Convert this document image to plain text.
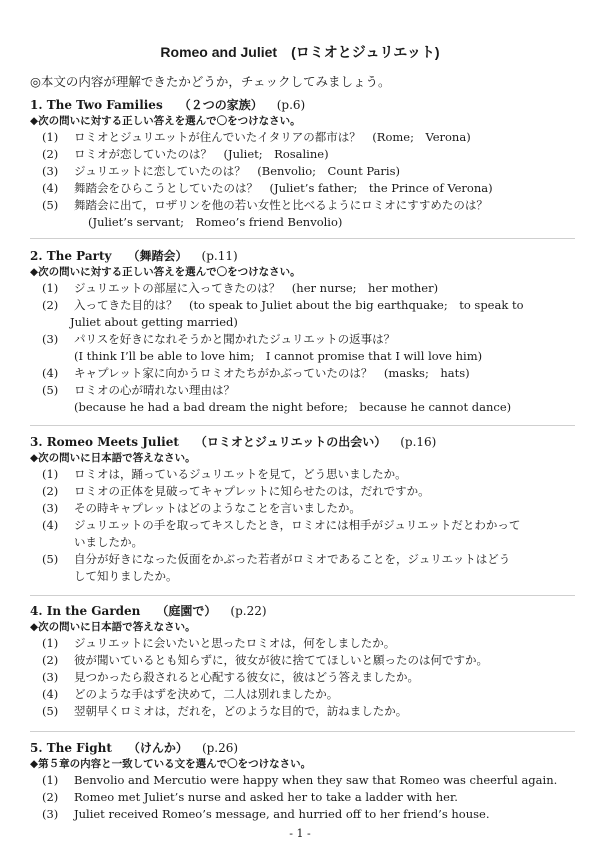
Romeo and Juliet　(ロミオとジュリエット)
◎本文の内容が理解できたかどうか，チェックしてみましょう。
1. The Two Families （２つの家族） (p.6)
◆次の問いに対する正しい答えを選んで〇をつけなさい。
(1) ロミオとジュリエットが住んでいたイタリアの都市は？　(Rome;　Verona)
(2) ロミオが恋していたのは？　(Juliet;　Rosaline)
(3) ジュリエットに恋していたのは？　(Benvolio;　Count Paris)
(4) 舞踏会をひらこうとしていたのは？　(Juliet’s father;　the Prince of Verona)
(5) 舞踏会に出て，ロザリンを他の若い女性と比べるようにロミオにすすめたのは？
(Juliet’s servant;　Romeo’s friend Benvolio)
2. The Party （舞踏会） (p.11)
◆次の問いに対する正しい答えを選んで〇をつけなさい。
(1) ジュリエットの部屋に入ってきたのは？　(her nurse;　her mother)
(2) 入ってきた目的は？　(to speak to Juliet about the big earthquake;　to speak to
Juliet about getting married)
(3) パリスを好きになれそうかと聞かれたジュリエットの返事は？
(I think I’ll be able to love him;　I cannot promise that I will love him)
(4) キャプレット家に向かうロミオたちがかぶっていたのは？　(masks;　hats)
(5) ロミオの心が晴れない理由は？
(because he had a bad dream the night before;　because he cannot dance)
3. Romeo Meets Juliet （ロミオとジュリエットの出会い） (p.16)
◆次の問いに日本語で答えなさい。
(1) ロミオは，踊っているジュリエットを見て，どう思いましたか。
(2) ロミオの正体を見破ってキャプレットに知らせたのは，だれですか。
(3) その時キャプレットはどのようなことを言いましたか。
(4) ジュリエットの手を取ってキスしたとき，ロミオには相手がジュリエットだとわかって
いましたか。
(5) 自分が好きになった仮面をかぶった若者がロミオであることを，ジュリエットはどう
して知りましたか。
4. In the Garden （庭園で） (p.22)
◆次の問いに日本語で答えなさい。
(1) ジュリエットに会いたいと思ったロミオは，何をしましたか。
(2) 彼が聞いているとも知らずに，彼女が彼に捨ててほしいと願ったのは何ですか。
(3) 見つかったら殺されると心配する彼女に，彼はどう答えましたか。
(4) どのような手はずを決めて，二人は別れましたか。
(5) 翌朝早くロミオは，だれを，どのような目的で，訪ねましたか。
5. The Fight （けんか） (p.26)
◆第５章の内容と一致している文を選んで〇をつけなさい。
(1) Benvolio and Mercutio were happy when they saw that Romeo was cheerful again.
(2) Romeo met Juliet’s nurse and asked her to take a ladder with her.
(3) Juliet received Romeo’s message, and hurried off to her friend’s house.
- 1 -
